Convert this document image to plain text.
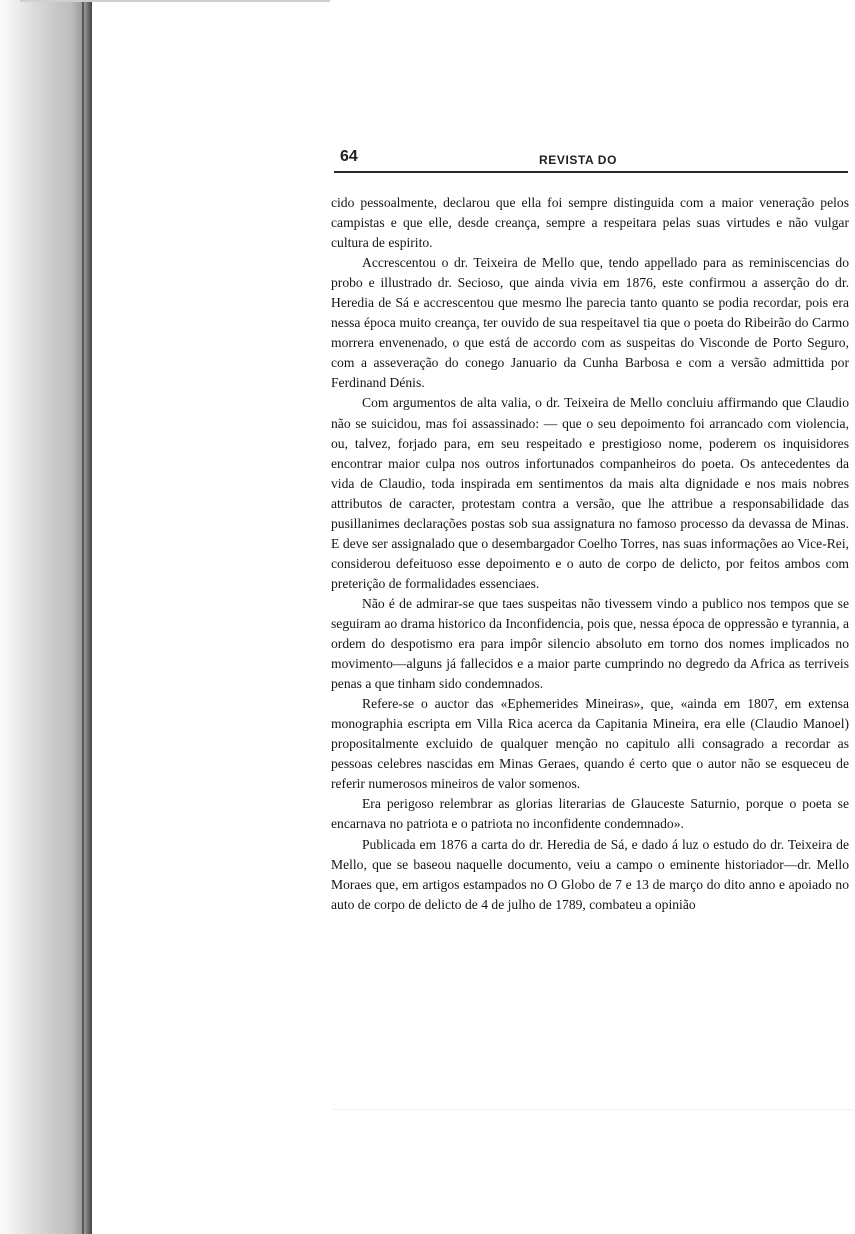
64	REVISTA DO

cido pessoalmente, declarou que ella foi sempre distinguida com a maior veneração pelos campistas e que elle, desde creança, sempre a respeitara pelas suas virtudes e não vulgar cultura de espirito.

Accrescentou o dr. Teixeira de Mello que, tendo appellado para as reminiscencias do probo e illustrado dr. Secioso, que ainda vivia em 1876, este confirmou a asserção do dr. Heredia de Sá e accrescentou que mesmo lhe parecia tanto quanto se podia recordar, pois era nessa época muito creança, ter ouvido de sua respeitavel tia que o poeta do Ribeirão do Carmo morrera envenenado, o que está de accordo com as suspeitas do Visconde de Porto Seguro, com a asseveração do conego Januario da Cunha Barbosa e com a versão admittida por Ferdinand Dénis.

Com argumentos de alta valia, o dr. Teixeira de Mello concluiu affirmando que Claudio não se suicidou, mas foi assassinado: — que o seu depoimento foi arrancado com violencia, ou, talvez, forjado para, em seu respeitado e prestigioso nome, poderem os inquisidores encontrar maior culpa nos outros infortunados companheiros do poeta. Os antecedentes da vida de Claudio, toda inspirada em sentimentos da mais alta dignidade e nos mais nobres attributos de caracter, protestam contra a versão, que lhe attribue a responsabilidade das pusillanimes declarações postas sob sua assignatura no famoso processo da devassa de Minas. E deve ser assignalado que o desembargador Coelho Torres, nas suas informações ao Vice-Rei, considerou defeituoso esse depoimento e o auto de corpo de delicto, por feitos ambos com preterição de formalidades essenciaes.

Não é de admirar-se que taes suspeitas não tivessem vindo a publico nos tempos que se seguiram ao drama historico da Inconfidencia, pois que, nessa época de oppressão e tyrannia, a ordem do despotismo era para impôr silencio absoluto em torno dos nomes implicados no movimento—alguns já fallecidos e a maior parte cumprindo no degredo da Africa as terriveis penas a que tinham sido condemnados.

Refere-se o auctor das «Ephemerides Mineiras», que, «ainda em 1807, em extensa monographia escripta em Villa Rica acerca da Capitania Mineira, era elle (Claudio Manoel) propositalmente excluido de qualquer menção no capitulo alli consagrado a recordar as pessoas celebres nascidas em Minas Geraes, quando é certo que o autor não se esqueceu de referir numerosos mineiros de valor somenos.

Era perigoso relembrar as glorias literarias de Glauceste Saturnio, porque o poeta se encarnava no patriota e o patriota no inconfidente condemnado».

Publicada em 1876 a carta do dr. Heredia de Sá, e dado á luz o estudo do dr. Teixeira de Mello, que se baseou naquelle documento, veiu a campo o eminente historiador—dr. Mello Moraes que, em artigos estampados no O Globo de 7 e 13 de março do dito anno e apoiado no auto de corpo de delicto de 4 de julho de 1789, combateu a opinião
